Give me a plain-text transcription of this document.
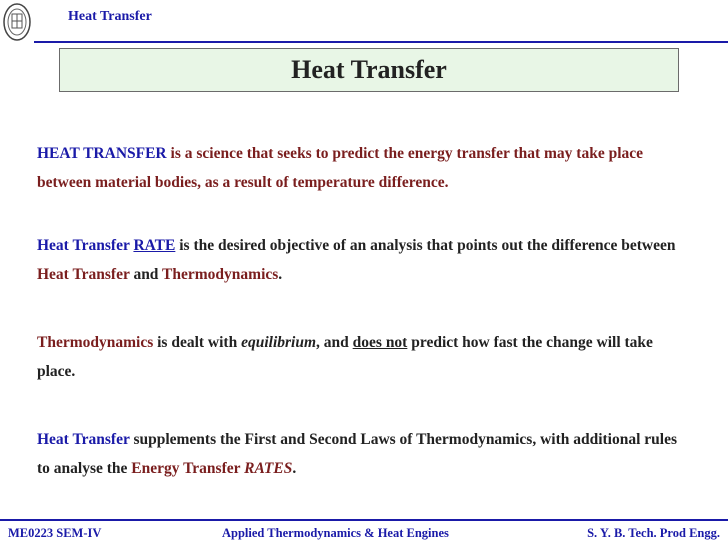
Heat Transfer
Heat Transfer
HEAT TRANSFER is a science that seeks to predict the energy transfer that may take place between material bodies, as a result of temperature difference.
Heat Transfer RATE is the desired objective of an analysis that points out the difference between Heat Transfer and Thermodynamics.
Thermodynamics is dealt with equilibrium, and does not predict how fast the change will take place.
Heat Transfer supplements the First and Second Laws of Thermodynamics, with additional rules to analyse the Energy Transfer RATES.
ME0223 SEM-IV	Applied Thermodynamics & Heat Engines	S. Y. B. Tech. Prod Engg.
